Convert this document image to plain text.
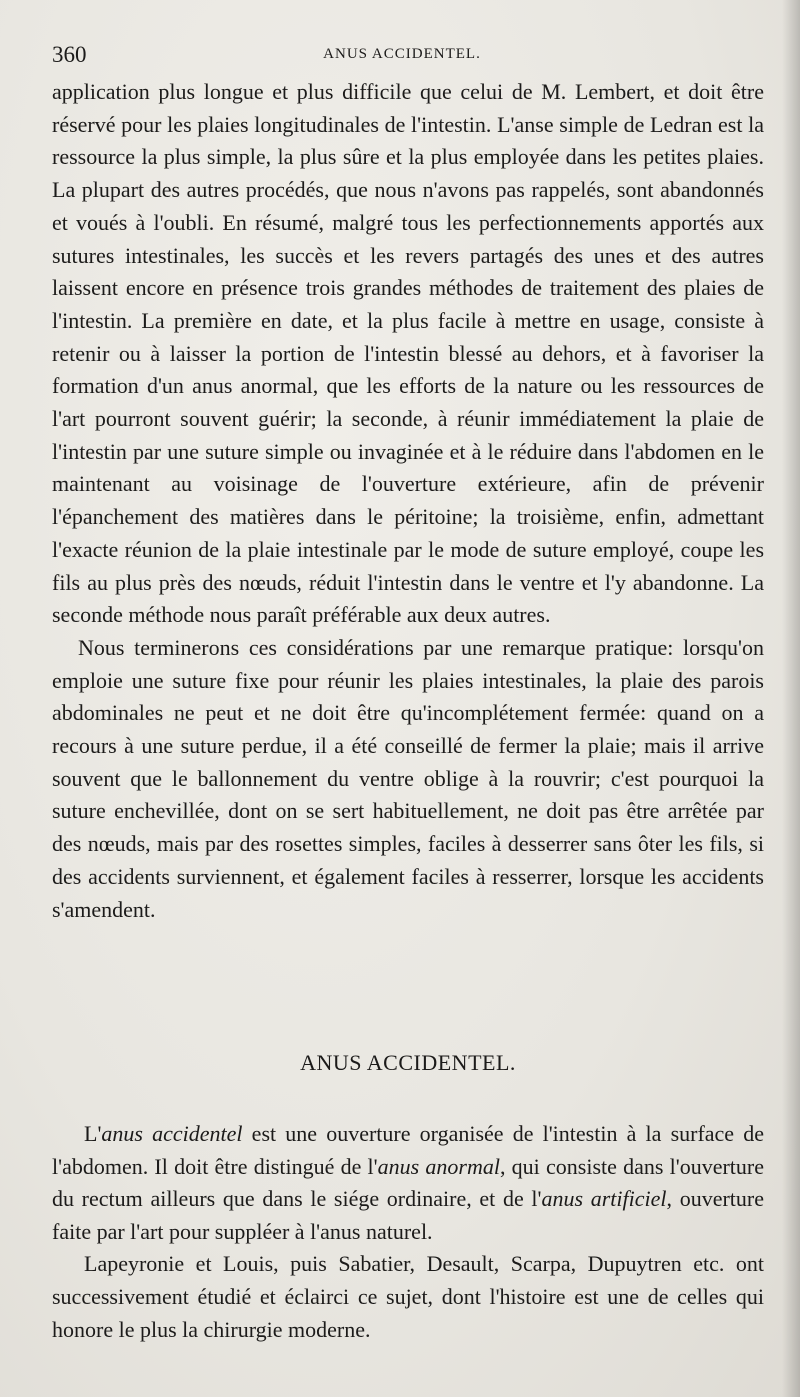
360	ANUS ACCIDENTEL.

application plus longue et plus difficile que celui de M. Lembert, et doit être réservé pour les plaies longitudinales de l'intestin. L'anse simple de Ledran est la ressource la plus simple, la plus sûre et la plus employée dans les petites plaies. La plupart des autres procédés, que nous n'avons pas rappelés, sont abandonnés et voués à l'oubli. En résumé, malgré tous les perfectionnements apportés aux sutures intestinales, les succès et les revers partagés des unes et des autres laissent encore en présence trois grandes méthodes de traitement des plaies de l'intestin. La première en date, et la plus facile à mettre en usage, consiste à retenir ou à laisser la portion de l'intestin blessé au dehors, et à favoriser la formation d'un anus anormal, que les efforts de la nature ou les ressources de l'art pourront souvent guérir; la seconde, à réunir immédiatement la plaie de l'intestin par une suture simple ou invaginée et à le réduire dans l'abdomen en le maintenant au voisinage de l'ouverture extérieure, afin de prévenir l'épanchement des matières dans le péritoine; la troisième, enfin, admettant l'exacte réunion de la plaie intestinale par le mode de suture employé, coupe les fils au plus près des nœuds, réduit l'intestin dans le ventre et l'y abandonne. La seconde méthode nous paraît préférable aux deux autres.

Nous terminerons ces considérations par une remarque pratique: lorsqu'on emploie une suture fixe pour réunir les plaies intestinales, la plaie des parois abdominales ne peut et ne doit être qu'incomplétement fermée: quand on a recours à une suture perdue, il a été conseillé de fermer la plaie; mais il arrive souvent que le ballonnement du ventre oblige à la rouvrir; c'est pourquoi la suture enchevillée, dont on se sert habituellement, ne doit pas être arrêtée par des nœuds, mais par des rosettes simples, faciles à desserrer sans ôter les fils, si des accidents surviennent, et également faciles à resserrer, lorsque les accidents s'amendent.

ANUS ACCIDENTEL.

L'anus accidentel est une ouverture organisée de l'intestin à la surface de l'abdomen. Il doit être distingué de l'anus anormal, qui consiste dans l'ouverture du rectum ailleurs que dans le siége ordinaire, et de l'anus artificiel, ouverture faite par l'art pour suppléer à l'anus naturel.

Lapeyronie et Louis, puis Sabatier, Desault, Scarpa, Dupuytren etc. ont successivement étudié et éclairci ce sujet, dont l'histoire est une de celles qui honore le plus la chirurgie moderne.
